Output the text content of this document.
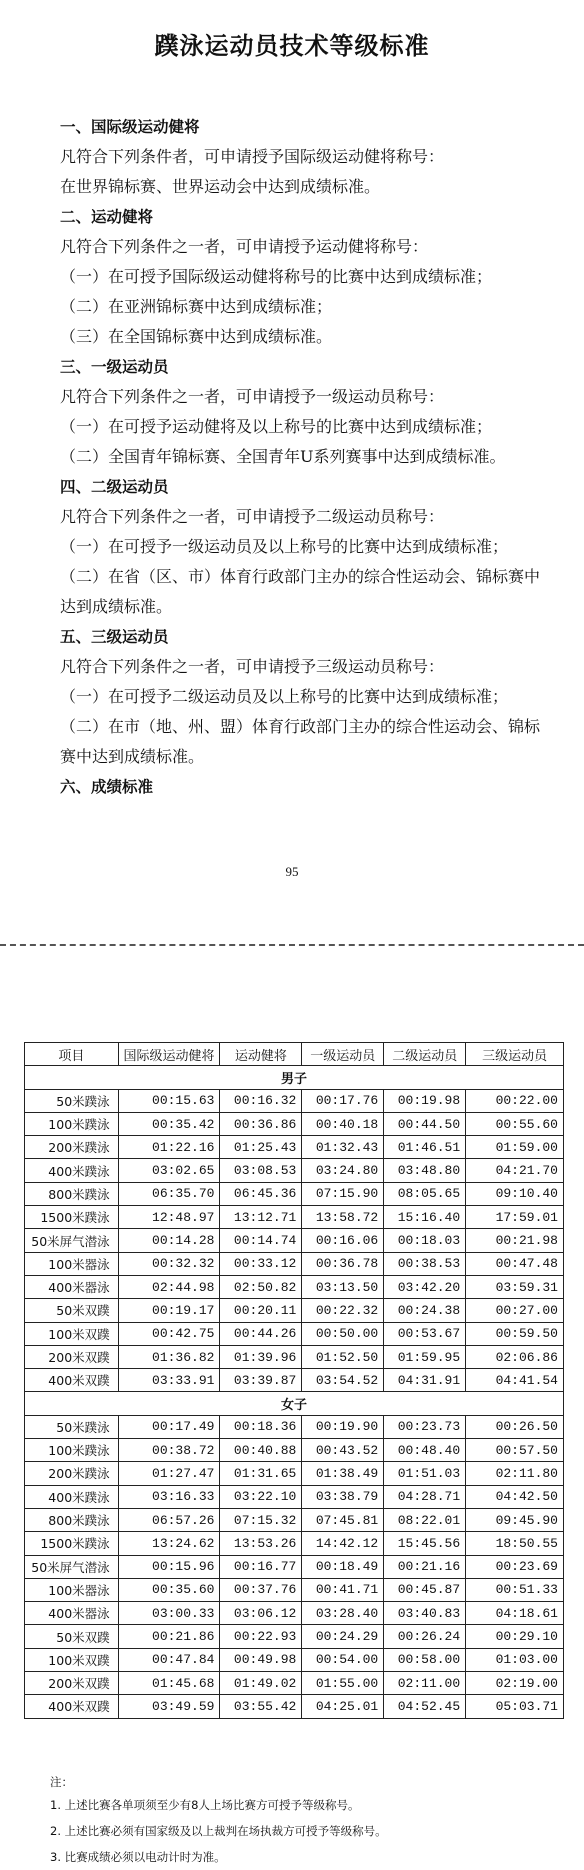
蹼泳运动员技术等级标准
一、国际级运动健将
凡符合下列条件者，可申请授予国际级运动健将称号：
在世界锦标赛、世界运动会中达到成绩标准。
二、运动健将
凡符合下列条件之一者，可申请授予运动健将称号：
（一）在可授予国际级运动健将称号的比赛中达到成绩标准；
（二）在亚洲锦标赛中达到成绩标准；
（三）在全国锦标赛中达到成绩标准。
三、一级运动员
凡符合下列条件之一者，可申请授予一级运动员称号：
（一）在可授予运动健将及以上称号的比赛中达到成绩标准；
（二）全国青年锦标赛、全国青年U系列赛事中达到成绩标准。
四、二级运动员
凡符合下列条件之一者，可申请授予二级运动员称号：
（一）在可授予一级运动员及以上称号的比赛中达到成绩标准；
（二）在省（区、市）体育行政部门主办的综合性运动会、锦标赛中
达到成绩标准。
五、三级运动员
凡符合下列条件之一者，可申请授予三级运动员称号：
（一）在可授予二级运动员及以上称号的比赛中达到成绩标准；
（二）在市（地、州、盟）体育行政部门主办的综合性运动会、锦标
赛中达到成绩标准。
六、成绩标准
95
项目	国际级运动健将	运动健将	一级运动员	二级运动员	三级运动员
男子					
50米蹼泳	00:15.63	00:16.32	00:17.76	00:19.98	00:22.00
100米蹼泳	00:35.42	00:36.86	00:40.18	00:44.50	00:55.60
200米蹼泳	01:22.16	01:25.43	01:32.43	01:46.51	01:59.00
400米蹼泳	03:02.65	03:08.53	03:24.80	03:48.80	04:21.70
800米蹼泳	06:35.70	06:45.36	07:15.90	08:05.65	09:10.40
1500米蹼泳	12:48.97	13:12.71	13:58.72	15:16.40	17:59.01
50米屏气潜泳	00:14.28	00:14.74	00:16.06	00:18.03	00:21.98
100米器泳	00:32.32	00:33.12	00:36.78	00:38.53	00:47.48
400米器泳	02:44.98	02:50.82	03:13.50	03:42.20	03:59.31
50米双蹼	00:19.17	00:20.11	00:22.32	00:24.38	00:27.00
100米双蹼	00:42.75	00:44.26	00:50.00	00:53.67	00:59.50
200米双蹼	01:36.82	01:39.96	01:52.50	01:59.95	02:06.86
400米双蹼	03:33.91	03:39.87	03:54.52	04:31.91	04:41.54
女子					
50米蹼泳	00:17.49	00:18.36	00:19.90	00:23.73	00:26.50
100米蹼泳	00:38.72	00:40.88	00:43.52	00:48.40	00:57.50
200米蹼泳	01:27.47	01:31.65	01:38.49	01:51.03	02:11.80
400米蹼泳	03:16.33	03:22.10	03:38.79	04:28.71	04:42.50
800米蹼泳	06:57.26	07:15.32	07:45.81	08:22.01	09:45.90
1500米蹼泳	13:24.62	13:53.26	14:42.12	15:45.56	18:50.55
50米屏气潜泳	00:15.96	00:16.77	00:18.49	00:21.16	00:23.69
100米器泳	00:35.60	00:37.76	00:41.71	00:45.87	00:51.33
400米器泳	03:00.33	03:06.12	03:28.40	03:40.83	04:18.61
50米双蹼	00:21.86	00:22.93	00:24.29	00:26.24	00:29.10
100米双蹼	00:47.84	00:49.98	00:54.00	00:58.00	01:03.00
200米双蹼	01:45.68	01:49.02	01:55.00	02:11.00	02:19.00
400米双蹼	03:49.59	03:55.42	04:25.01	04:52.45	05:03.71
注：
1. 上述比赛各单项须至少有8人上场比赛方可授予等级称号。
2. 上述比赛必须有国家级及以上裁判在场执裁方可授予等级称号。
3. 比赛成绩必须以电动计时为准。
